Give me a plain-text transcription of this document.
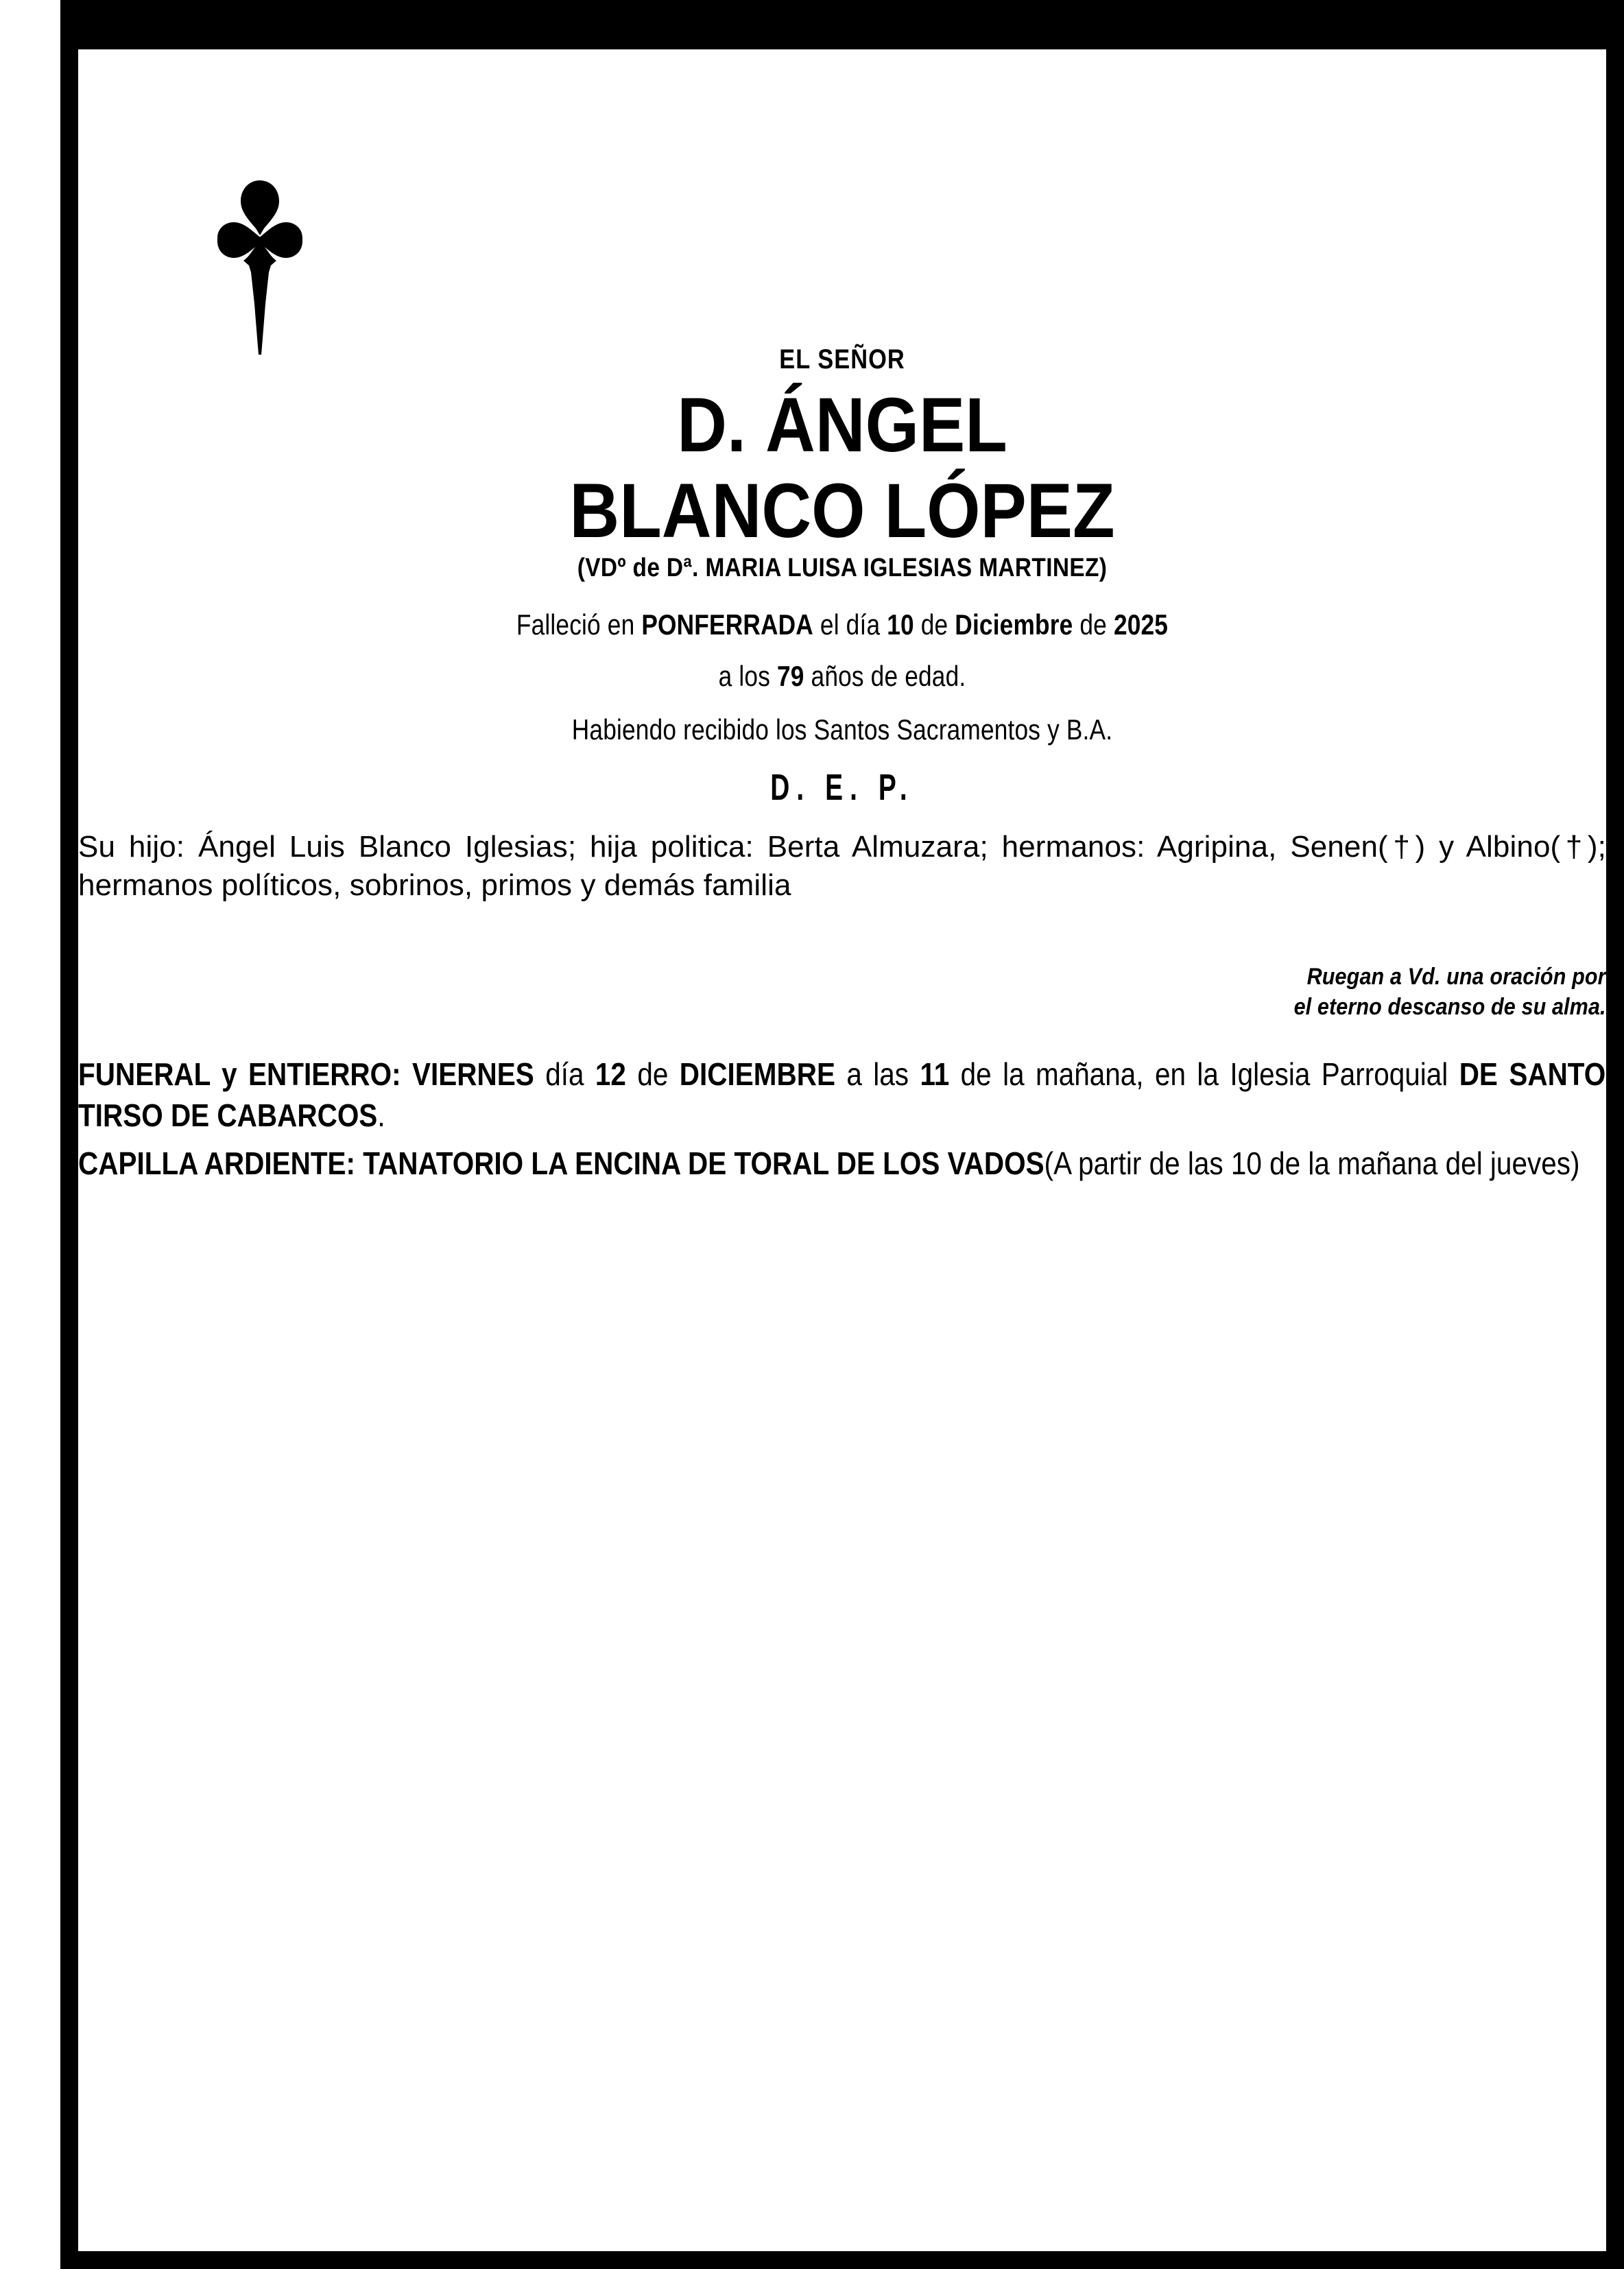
EL SEÑOR
D. ÁNGEL
BLANCO LÓPEZ
(VDº de Dª. MARIA LUISA IGLESIAS MARTINEZ)
Falleció en PONFERRADA el día 10 de Diciembre de 2025
a los 79 años de edad.
Habiendo recibido los Santos Sacramentos y B.A.
D. E. P.
Su hijo: Ángel Luis Blanco Iglesias; hija politica: Berta Almuzara; hermanos: Agripina, Senen(†) y Albino(†); hermanos políticos, sobrinos, primos y demás familia
Ruegan a Vd. una oración por
el eterno descanso de su alma.
FUNERAL y ENTIERRO: VIERNES día 12 de DICIEMBRE a las 11 de la mañana, en la Iglesia Parroquial DE SANTO TIRSO DE CABARCOS.
CAPILLA ARDIENTE: TANATORIO LA ENCINA DE TORAL DE LOS VADOS(A partir de las 10 de la mañana del jueves)
